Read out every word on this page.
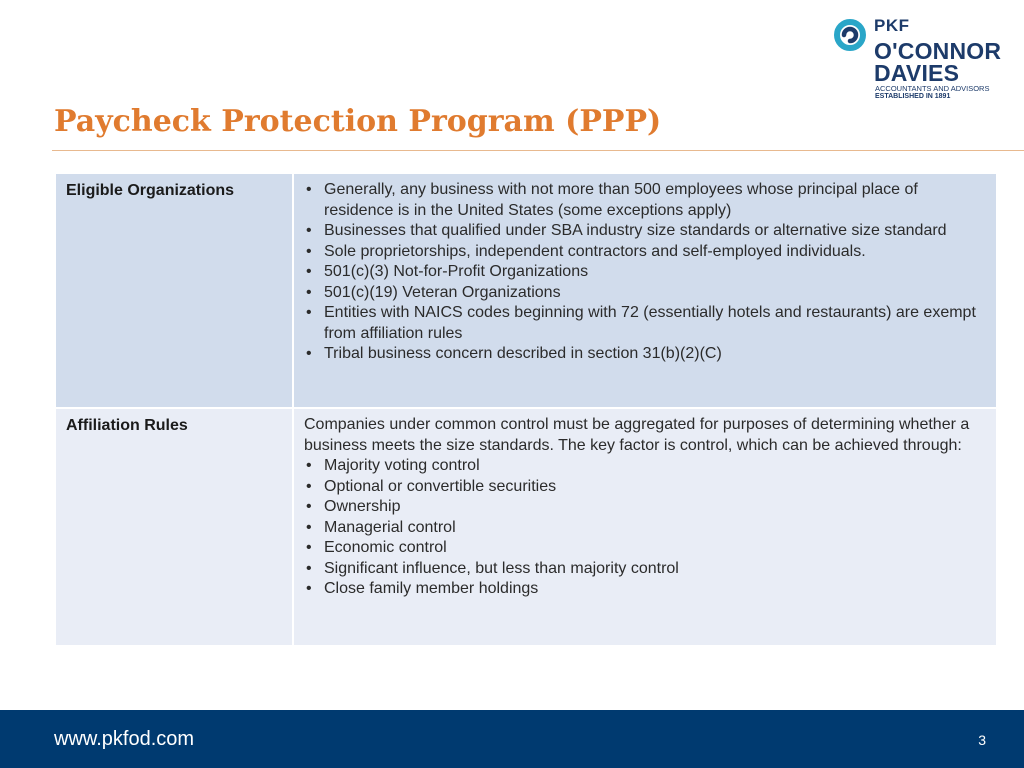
PKF
O'CONNOR
DAVIES
ACCOUNTANTS AND ADVISORS
ESTABLISHED IN 1891
Paycheck Protection Program (PPP)
Eligible Organizations
•	Generally, any business with not more than 500 employees whose principal place of residence is in the United States (some exceptions apply)
• Businesses that qualified under SBA industry size standards or alternative size standard
• Sole proprietorships, independent contractors and self-employed individuals.
• 501(c)(3) Not-for-Profit Organizations
• 501(c)(19) Veteran Organizations
• Entities with NAICS codes beginning with 72 (essentially hotels and restaurants) are exempt from affiliation rules
• Tribal business concern described in section 31(b)(2)(C)
Affiliation Rules	Companies under common control must be aggregated for purposes of determining whether a business meets the size standards. The key factor is control, which can be achieved through:

• Majority voting control
• Optional or convertible securities
• Ownership
• Managerial control
• Economic control
• Significant influence, but less than majority control
• Close family member holdings
www.pkfod.com	3
